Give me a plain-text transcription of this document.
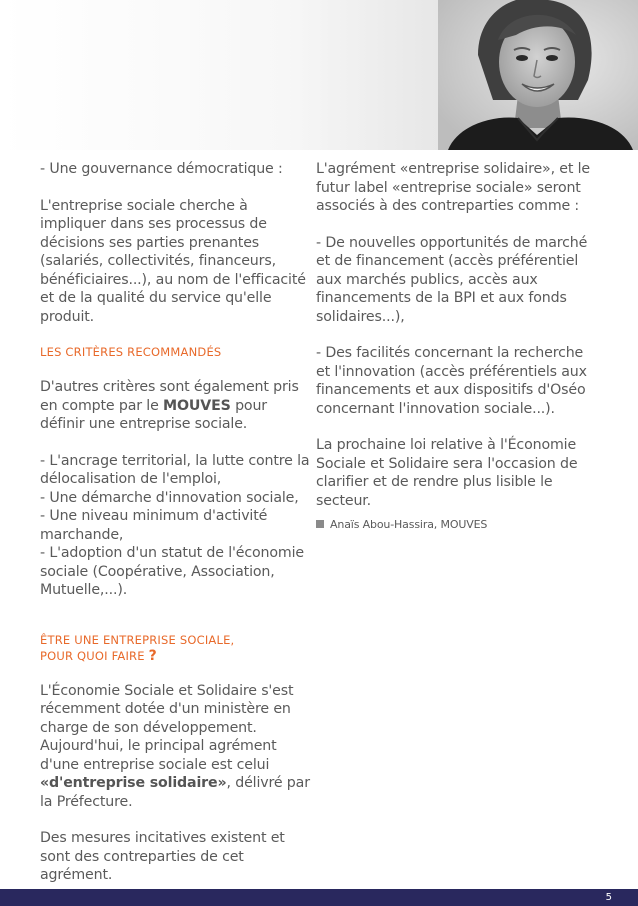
- Une gouvernance démocratique :

L'entreprise sociale cherche à impliquer dans ses processus de décisions ses parties prenantes (salariés, collectivités, financeurs, bénéficiaires...), au nom de l'efficacité et de la qualité du service qu'elle produit.

LES CRITÈRES RECOMMANDÉS

D'autres critères sont également pris en compte par le MOUVES pour définir une entreprise sociale.

- L'ancrage territorial, la lutte contre la délocalisation de l'emploi,

- Une démarche d'innovation sociale,

- Une niveau minimum d'activité marchande,

- L'adoption d'un statut de l'économie sociale (Coopérative, Association, Mutuelle,...).

ÊTRE UNE ENTREPRISE SOCIALE,

POUR QUOI FAIRE ?

L'Économie Sociale et Solidaire s'est récemment dotée d'un ministère en charge de son développement. Aujourd'hui, le principal agrément d'une entreprise sociale est celui «d'entreprise solidaire», délivré par la Préfecture.

Des mesures incitatives existent et sont des contreparties de cet agrément.

L'agrément «entreprise solidaire», et le futur label «entreprise sociale» seront associés à des contreparties comme :

- De nouvelles opportunités de marché et de financement (accès préférentiel aux marchés publics, accès aux financements de la BPI et aux fonds solidaires...),

- Des facilités concernant la recherche et l'innovation (accès préférentiels aux financements et aux dispositifs d'Oséo concernant l'innovation sociale...).

La prochaine loi relative à l'Économie Sociale et Solidaire sera l'occasion de clarifier et de rendre plus lisible le secteur.

Anaïs Abou-Hassira, MOUVES

5
